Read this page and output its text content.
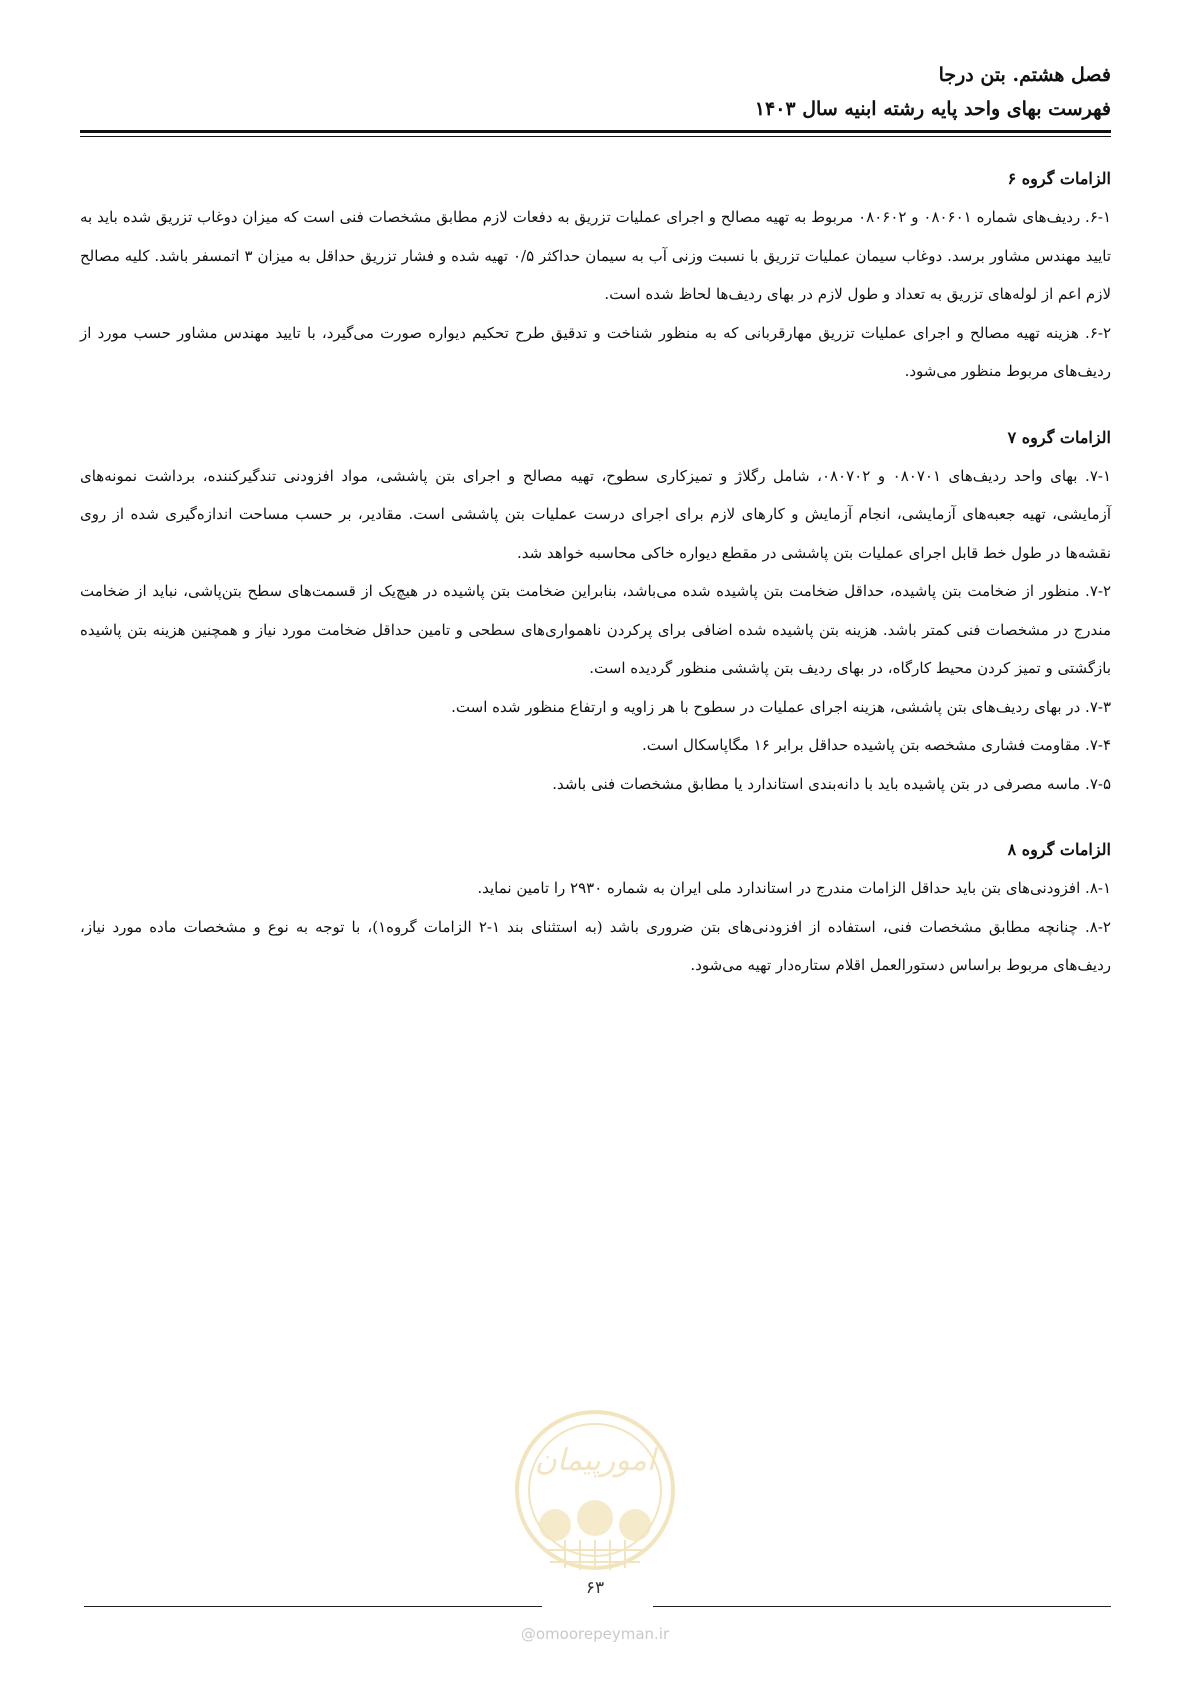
فصل هشتم. بتن درجا
فهرست بهای واحد پایه رشته ابنیه سال ۱۴۰۳
الزامات گروه ۶

۶-۱. ردیف‌های شماره ۰۸۰۶۰۱ و ۰۸۰۶۰۲ مربوط به تهیه مصالح و اجرای عملیات تزریق به دفعات لازم مطابق مشخصات فنی است که میزان دوغاب تزریق شده باید به تایید مهندس مشاور برسد. دوغاب سیمان عملیات تزریق با نسبت وزنی آب به سیمان حداکثر ۰/۵ تهیه شده و فشار تزریق حداقل به میزان ۳ اتمسفر باشد. کلیه مصالح لازم اعم از لوله‌های تزریق به تعداد و طول لازم در بهای ردیف‌ها لحاظ شده است.

۶-۲. هزینه تهیه مصالح و اجرای عملیات تزریق مهارقربانی که به منظور شناخت و تدقیق طرح تحکیم دیواره صورت می‌گیرد، با تایید مهندس مشاور حسب مورد از ردیف‌های مربوط منظور می‌شود.

الزامات گروه ۷

۷-۱. بهای واحد ردیف‌های ۰۸۰۷۰۱ و ۰۸۰۷۰۲، شامل رگلاژ و تمیزکاری سطوح، تهیه مصالح و اجرای بتن پاششی، مواد افزودنی تندگیرکننده، برداشت نمونه‌های آزمایشی، تهیه جعبه‌های آزمایشی، انجام آزمایش و کارهای لازم برای اجرای درست عملیات بتن پاششی است. مقادیر، بر حسب مساحت اندازه‌گیری شده از روی نقشه‌ها در طول خط قابل اجرای عملیات بتن پاششی در مقطع دیواره خاکی محاسبه خواهد شد.

۷-۲. منظور از ضخامت بتن پاشیده، حداقل ضخامت بتن پاشیده شده می‌باشد، بنابراین ضخامت بتن پاشیده در هیچ‌یک از قسمت‌های سطح بتن‌پاشی، نباید از ضخامت مندرج در مشخصات فنی کمتر باشد. هزینه بتن پاشیده شده اضافی برای پرکردن ناهمواری‌های سطحی و تامین حداقل ضخامت مورد نیاز و همچنین هزینه بتن پاشیده بازگشتی و تمیز کردن محیط کارگاه، در بهای ردیف بتن پاششی منظور گردیده است.

۷-۳. در بهای ردیف‌های بتن پاششی، هزینه اجرای عملیات در سطوح با هر زاویه و ارتفاع منظور شده است.

۷-۴. مقاومت فشاری مشخصه بتن پاشیده حداقل برابر ۱۶ مگاپاسکال است.

۷-۵. ماسه مصرفی در بتن پاشیده باید با دانه‌بندی استاندارد یا مطابق مشخصات فنی باشد.

الزامات گروه ۸

۸-۱. افزودنی‌های بتن باید حداقل الزامات مندرج در استاندارد ملی ایران به شماره ۲۹۳۰ را تامین نماید.

۸-۲. چنانچه مطابق مشخصات فنی، استفاده از افزودنی‌های بتن ضروری باشد (به استثنای بند ۱-۲ الزامات گروه۱)، با توجه به نوع و مشخصات ماده مورد نیاز، ردیف‌های مربوط براساس دستورالعمل اقلام ستاره‌دار تهیه می‌شود.

امورپیمان
۶۳
@omoorepeyman.ir
